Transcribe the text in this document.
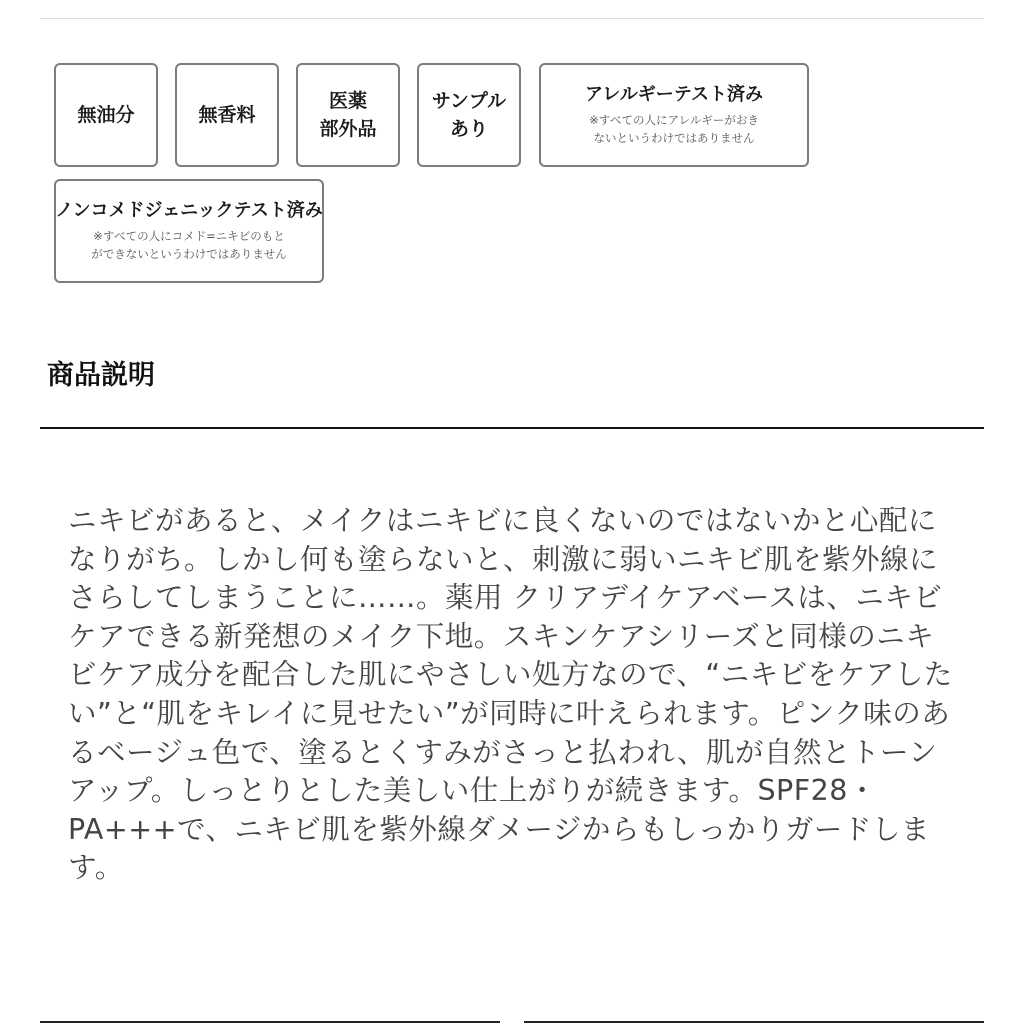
無油分	無香料
医薬
部外品
サンプル
あり
アレルギーテスト済み
※すべての人にアレルギーがおき
ないというわけではありません
ノンコメドジェニックテスト済み
※すべての人にコメド=ニキビのもと
ができないというわけではありません
商品説明
ニキビがあると、メイクはニキビに良くないのではないかと心配になりがち。しかし何も塗らないと、刺激に弱いニキビ肌を紫外線にさらしてしまうことに……。薬用 クリアデイケアベースは、ニキビケアできる新発想のメイク下地。スキンケアシリーズと同様のニキビケア成分を配合した肌にやさしい処方なので、“ニキビをケアしたい”と“肌をキレイに見せたい”が同時に叶えられます。ピンク味のあるベージュ色で、塗るとくすみがさっと払われ、肌が自然とトーンアップ。しっとりとした美しい仕上がりが続きます。SPF28・PA+++で、ニキビ肌を紫外線ダメージからもしっかりガードします。
